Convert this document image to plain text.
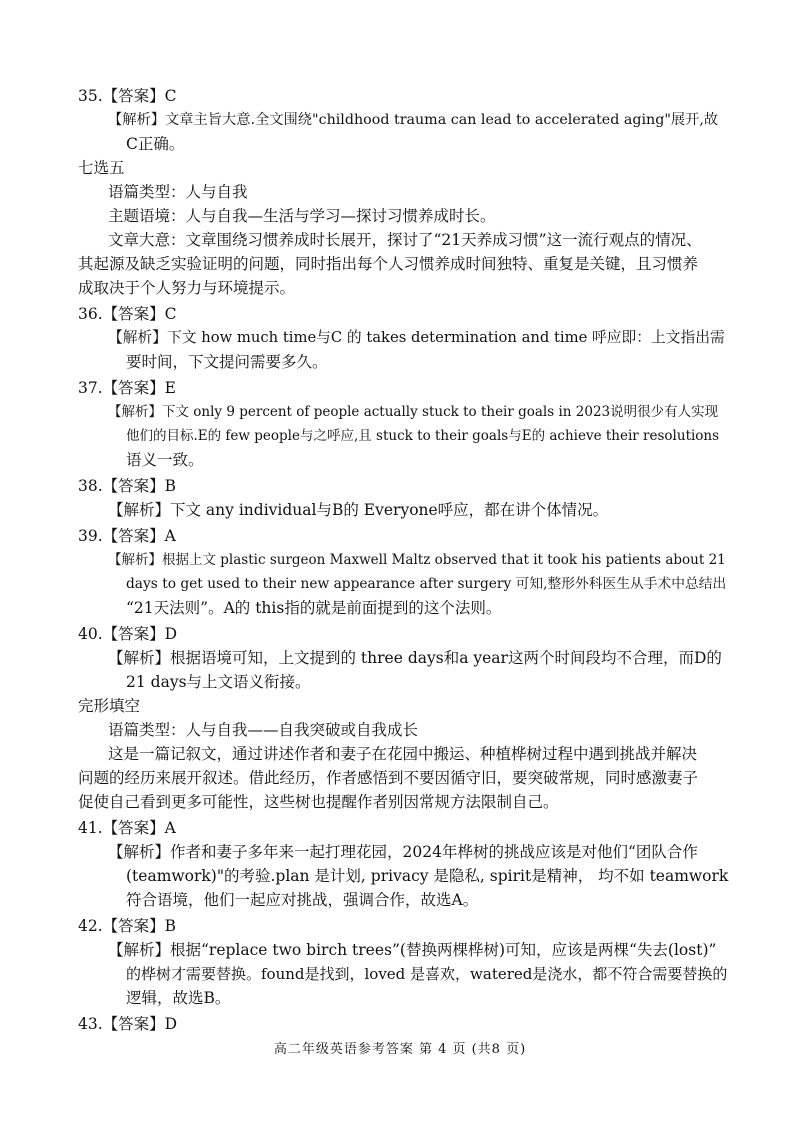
35.【答案】C
【解析】文章主旨大意.全文围绕"childhood trauma can lead to accelerated aging"展开,故
C正确。
七选五
语篇类型：人与自我
主题语境：人与自我—生活与学习—探讨习惯养成时长。
文章大意：文章围绕习惯养成时长展开，探讨了“21天养成习惯”这一流行观点的情况、
其起源及缺乏实验证明的问题，同时指出每个人习惯养成时间独特、重复是关键，且习惯养
成取决于个人努力与环境提示。
36.【答案】C
【解析】下文 how much time与C 的 takes determination and time 呼应即：上文指出需
要时间，下文提问需要多久。
37.【答案】E
【解析】下文 only 9 percent of people actually stuck to their goals in 2023说明很少有人实现
他们的目标.E的 few people与之呼应,且 stuck to their goals与E的 achieve their resolutions
语义一致。
38.【答案】B
【解析】下文 any individual与B的 Everyone呼应，都在讲个体情况。
39.【答案】A
【解析】根据上文 plastic surgeon Maxwell Maltz observed that it took his patients about 21
days to get used to their new appearance after surgery 可知,整形外科医生从手术中总结出
“21天法则”。A的 this指的就是前面提到的这个法则。
40.【答案】D
【解析】根据语境可知，上文提到的 three days和a year这两个时间段均不合理，而D的
21 days与上文语义衔接。
完形填空
语篇类型：人与自我——自我突破或自我成长
这是一篇记叙文，通过讲述作者和妻子在花园中搬运、种植桦树过程中遇到挑战并解决
问题的经历来展开叙述。借此经历，作者感悟到不要因循守旧，要突破常规，同时感激妻子
促使自己看到更多可能性，这些树也提醒作者别因常规方法限制自己。
41.【答案】A
【解析】作者和妻子多年来一起打理花园，2024年桦树的挑战应该是对他们“团队合作
(teamwork)"的考验.plan 是计划, privacy 是隐私, spirit是精神， 均不如 teamwork
符合语境，他们一起应对挑战，强调合作，故选A。
42.【答案】B
【解析】根据“replace two birch trees”(替换两棵桦树)可知，应该是两棵“失去(lost)”
的桦树才需要替换。found是找到，loved 是喜欢，watered是浇水，都不符合需要替换的
逻辑，故选B。
43.【答案】D
高二年级英语参考答案 第 4 页 (共8 页)
